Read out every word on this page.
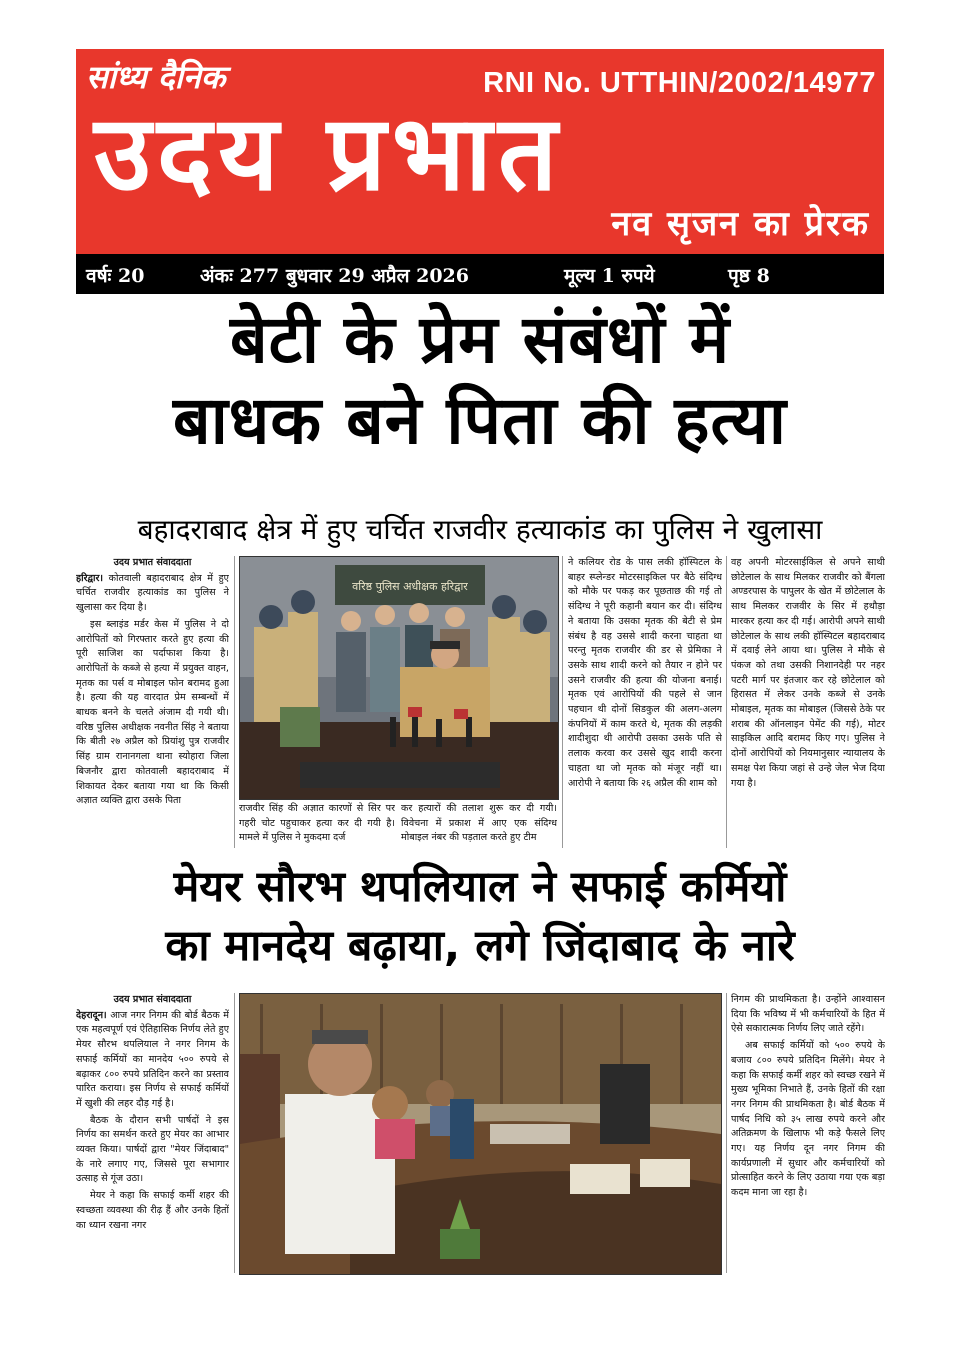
सांध्य दैनिक	RNI No. UTTHIN/2002/14977
उदय प्रभात
नव सृजन का प्रेरक
वर्षः 20	अंकः 277 बुधवार 29 अप्रैल 2026	मूल्य 1 रुपये	पृष्ठ 8
बेटी के प्रेम संबंधों में
बाधक बने पिता की हत्या
बहादराबाद क्षेत्र में हुए चर्चित राजवीर हत्याकांड का पुलिस ने खुलासा
उदय प्रभात संवाददाता

हरिद्वार। कोतवाली बहादराबाद क्षेत्र में हुए चर्चित राजवीर हत्याकांड का पुलिस ने खुलासा कर दिया है।

इस ब्लाइंड मर्डर केस में पुलिस ने दो आरोपितों को गिरफ्तार करते हुए हत्या की पूरी साजिश का पर्दाफाश किया है। आरोपितों के कब्जे से हत्या में प्रयुक्त वाहन, मृतक का पर्स व मोबाइल फोन बरामद हुआ है। हत्या की यह वारदात प्रेम सम्बन्धों में बाधक बनने के चलते अंजाम दी गयी थी। वरिष्ठ पुलिस अधीक्षक नवनीत सिंह ने बताया कि बीती २७ अप्रैल को प्रियांशु पुत्र राजवीर सिंह ग्राम रानानगला थाना स्योहारा जिला बिजनौर द्वारा कोतवाली बहादराबाद में शिकायत देकर बताया गया था कि किसी अज्ञात व्यक्ति द्वारा उसके पिता

वरिष्ठ पुलिस अधीक्षक हरिद्वार
राजवीर सिंह की अज्ञात कारणों से सिर पर गहरी चोट पहुचाकर हत्या कर दी गयी है। मामले में पुलिस ने मुकदमा दर्ज
कर हत्यारों की तलाश शुरू कर दी गयी। विवेचना में प्रकाश में आए एक संदिग्ध मोबाइल नंबर की पड़ताल करते हुए टीम
ने कलियर रोड के पास लकी हॉस्पिटल के बाहर स्प्लेन्डर मोटरसाइकिल पर बैठे संदिग्ध को मौके पर पकड़ कर पूछताछ की गई तो संदिग्ध ने पूरी कहानी बयान कर दी। संदिग्ध ने बताया कि उसका मृतक की बेटी से प्रेम संबंध है वह उससे शादी करना चाहता था परन्तु मृतक राजवीर की डर से प्रेमिका ने उसके साथ शादी करने को तैयार न होने पर उसने राजवीर की हत्या की योजना बनाई। मृतक एवं आरोपियों की पहले से जान पहचान थी दोनों सिडकुल की अलग-अलग कंपनियों में काम करते थे, मृतक की लड़की शादीशुदा थी आरोपी उसका उसके पति से तलाक करवा कर उससे खुद शादी करना चाहता था जो मृतक को मंजूर नहीं था। आरोपी ने बताया कि २६ अप्रैल की शाम को
वह अपनी मोटरसाईकिल से अपने साथी छोटेलाल के साथ मिलकर राजवीर को बैंगला अण्डरपास के पापुलर के खेत में छोटेलाल के साथ मिलकर राजवीर के सिर में हथौड़ा मारकर हत्या कर दी गई। आरोपी अपने साथी छोटेलाल के साथ लकी हॉस्पिटल बहादराबाद में दवाई लेने आया था। पुलिस ने मौके से पंकज को तथा उसकी निशानदेही पर नहर पटरी मार्ग पर इंतजार कर रहे छोटेलाल को हिरासत में लेकर उनके कब्जे से उनके मोबाइल, मृतक का मोबाइल (जिससे ठेके पर शराब की ऑनलाइन पेमेंट की गई), मोटर साइकिल आदि बरामद किए गए। पुलिस ने दोनों आरोपियों को नियमानुसार न्यायालय के समक्ष पेश किया जहां से उन्हे जेल भेज दिया गया है।
मेयर सौरभ थपलियाल ने सफाई कर्मियों
का मानदेय बढ़ाया, लगे जिंदाबाद के नारे
उदय प्रभात संवाददाता

देहरादून। आज नगर निगम की बोर्ड बैठक में एक महत्वपूर्ण एवं ऐतिहासिक निर्णय लेते हुए मेयर सौरभ थपलियाल ने नगर निगम के सफाई कर्मियों का मानदेय ५०० रुपये से बढ़ाकर ८०० रुपये प्रतिदिन करने का प्रस्ताव पारित कराया। इस निर्णय से सफाई कर्मियों में खुशी की लहर दौड़ गई है।

बैठक के दौरान सभी पार्षदों ने इस निर्णय का समर्थन करते हुए मेयर का आभार व्यक्त किया। पार्षदों द्वारा "मेयर जिंदाबाद" के नारे लगाए गए, जिससे पूरा सभागार उत्साह से गूंज उठा।

मेयर ने कहा कि सफाई कर्मी शहर की स्वच्छता व्यवस्था की रीढ़ हैं और उनके हितों का ध्यान रखना नगर

निगम की प्राथमिकता है। उन्होंने आश्वासन दिया कि भविष्य में भी कर्मचारियों के हित में ऐसे सकारात्मक निर्णय लिए जाते रहेंगे।

अब सफाई कर्मियों को ५०० रुपये के बजाय ८०० रुपये प्रतिदिन मिलेंगे। मेयर ने कहा कि सफाई कर्मी शहर को स्वच्छ रखने में मुख्य भूमिका निभाते हैं, उनके हितों की रक्षा नगर निगम की प्राथमिकता है। बोर्ड बैठक में पार्षद निधि को ३५ लाख रुपये करने और अतिक्रमण के खिलाफ भी कड़े फैसले लिए गए। यह निर्णय दून नगर निगम की कार्यप्रणाली में सुधार और कर्मचारियों को प्रोत्साहित करने के लिए उठाया गया एक बड़ा कदम माना जा रहा है।
